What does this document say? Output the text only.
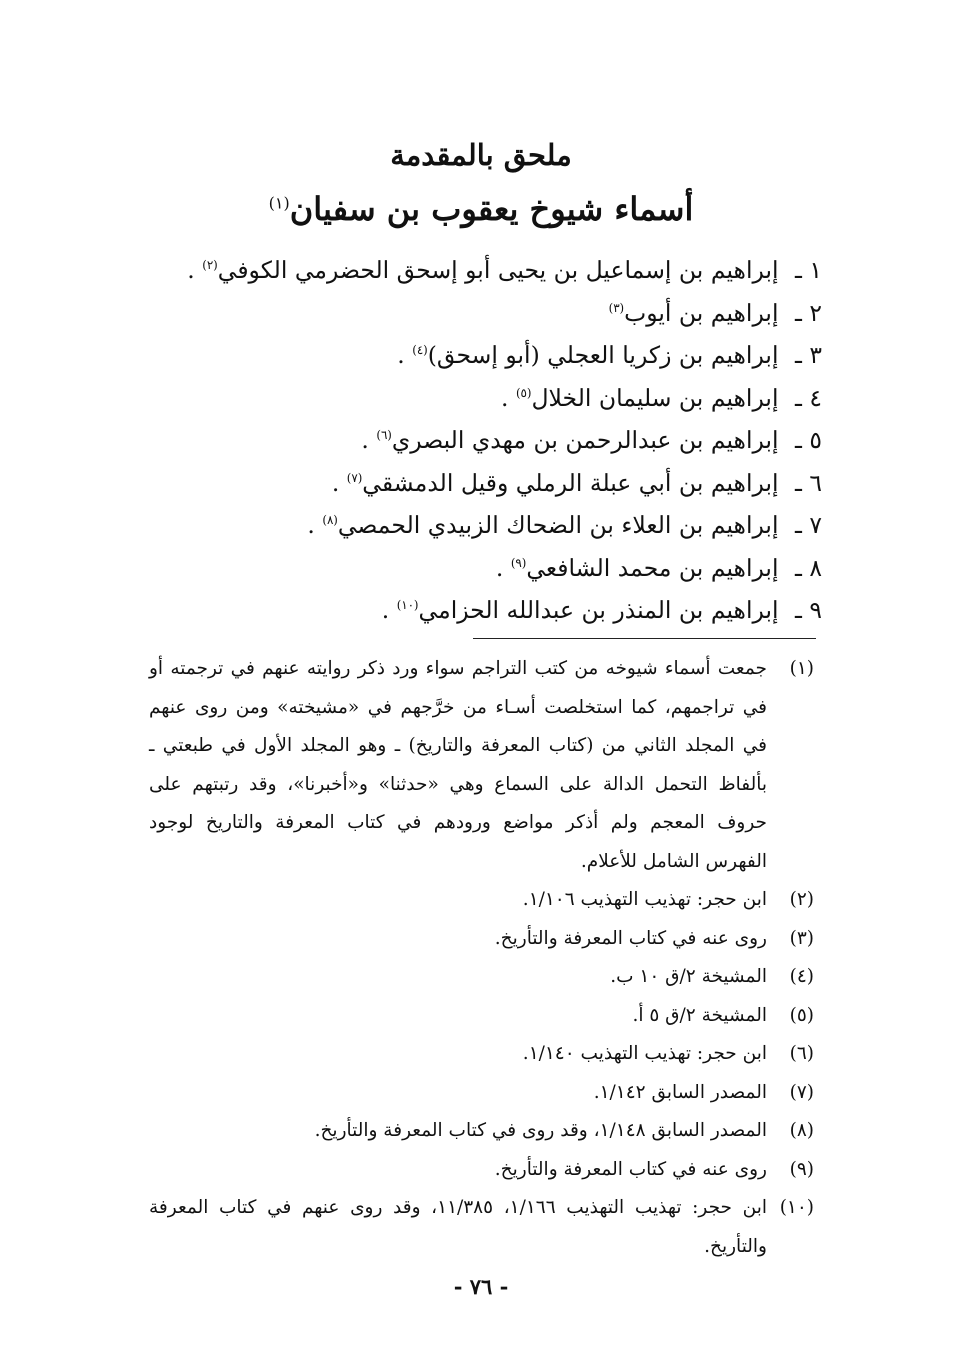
ملحق بالمقدمة
أسماء شيوخ يعقوب بن سفيان$^{(١)}$
١ ـ إبراهيم بن إسماعيل بن يحيى أبو إسحق الحضرمي الكوفي$^{(٢)}$ .
٢ ـ إبراهيم بن أيوب$^{(٣)}$
٣ ـ إبراهيم بن زكريا العجلي (أبو إسحق)$^{(٤)}$ .
٤ ـ إبراهيم بن سليمان الخلال$^{(٥)}$ .
٥ ـ إبراهيم بن عبدالرحمن بن مهدي البصري$^{(٦)}$ .
٦ ـ إبراهيم بن أبي عبلة الرملي وقيل الدمشقي$^{(٧)}$ .
٧ ـ إبراهيم بن العلاء بن الضحاك الزبيدي الحمصي$^{(٨)}$ .
٨ ـ إبراهيم بن محمد الشافعي$^{(٩)}$ .
٩ ـ إبراهيم بن المنذر بن عبدالله الحزامي$^{(١٠)}$ .
(١)
جمعت أسماء شيوخه من كتب التراجم سواء ورد ذكر روايته عنهم في ترجمته أو في تراجمهم، كما استخلصت أسـاء من خرَّجهم في «مشيخته» ومن روى عنهم في المجلد الثاني من (كتاب المعرفة والتاريخ) ـ وهو المجلد الأول في طبعتي ـ بألفاظ التحمل الدالة على السماع وهي «حدثنا» و«أخبرنا»، وقد رتبتهم على حروف المعجم ولم أذكر مواضع ورودهم في كتاب المعرفة والتاريخ لوجود الفهرس الشامل للأعلام.
(٢)
ابن حجر: تهذيب التهذيب ١/١٠٦.
(٣)
روى عنه في كتاب المعرفة والتأريخ.
(٤)
المشيخة ٢/ق ١٠ ب.
(٥)
المشيخة ٢/ق ٥ أ.
(٦)
ابن حجر: تهذيب التهذيب ١/١٤٠.
(٧)
المصدر السابق ١/١٤٢.
(٨)
المصدر السابق ١/١٤٨، وقد روى في كتاب المعرفة والتأريخ.
(٩)
روى عنه في كتاب المعرفة والتأريخ.
(١٠)
ابن حجر: تهذيب التهذيب ١/١٦٦، ١١/٣٨٥، وقد روى عنهم في كتاب المعرفة والتأريخ.
- ٧٦ -
